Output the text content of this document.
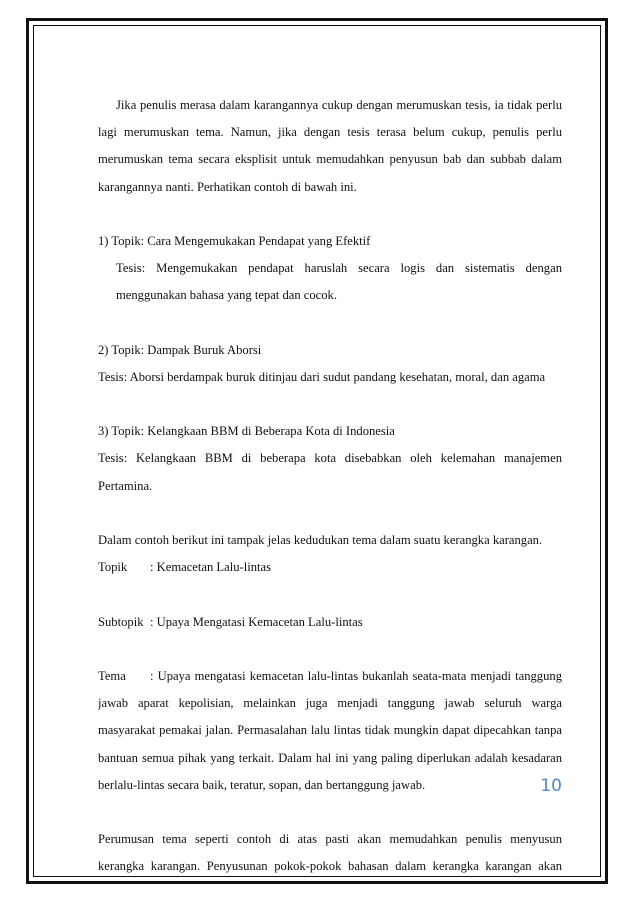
Jika penulis merasa dalam karangannya cukup dengan merumuskan tesis, ia tidak perlu
lagi merumuskan tema. Namun, jika dengan tesis terasa belum cukup, penulis perlu
merumuskan tema secara eksplisit untuk memudahkan penyusun bab dan subbab dalam
karangannya nanti. Perhatikan contoh di bawah ini.
1) Topik: Cara Mengemukakan Pendapat yang Efektif
Tesis: Mengemukakan pendapat haruslah secara logis dan sistematis dengan
menggunakan bahasa yang tepat dan cocok.
2) Topik: Dampak Buruk Aborsi
Tesis: Aborsi berdampak buruk ditinjau dari sudut pandang kesehatan, moral, dan agama
3) Topik: Kelangkaan BBM di Beberapa Kota di Indonesia
Tesis: Kelangkaan BBM di beberapa kota disebabkan oleh kelemahan manajemen
Pertamina.
Dalam contoh berikut ini tampak jelas kedudukan tema dalam suatu kerangka karangan.
Topik : Kemacetan Lalu-lintas
Subtopik : Upaya Mengatasi Kemacetan Lalu-lintas
Tema	: Upaya mengatasi kemacetan lalu-lintas bukanlah seata-mata menjadi tanggung
jawab aparat kepolisian, melainkan juga menjadi tanggung jawab seluruh warga
masyarakat pemakai jalan. Permasalahan lalu lintas tidak mungkin dapat dipecahkan tanpa
bantuan semua pihak yang terkait. Dalam hal ini yang paling diperlukan adalah kesadaran
berlalu-lintas secara baik, teratur, sopan, dan bertanggung jawab.
Perumusan tema seperti contoh di atas pasti akan memudahkan penulis menyusun
kerangka karangan. Penyusunan pokok-pokok bahasan dalam kerangka karangan akan
10
